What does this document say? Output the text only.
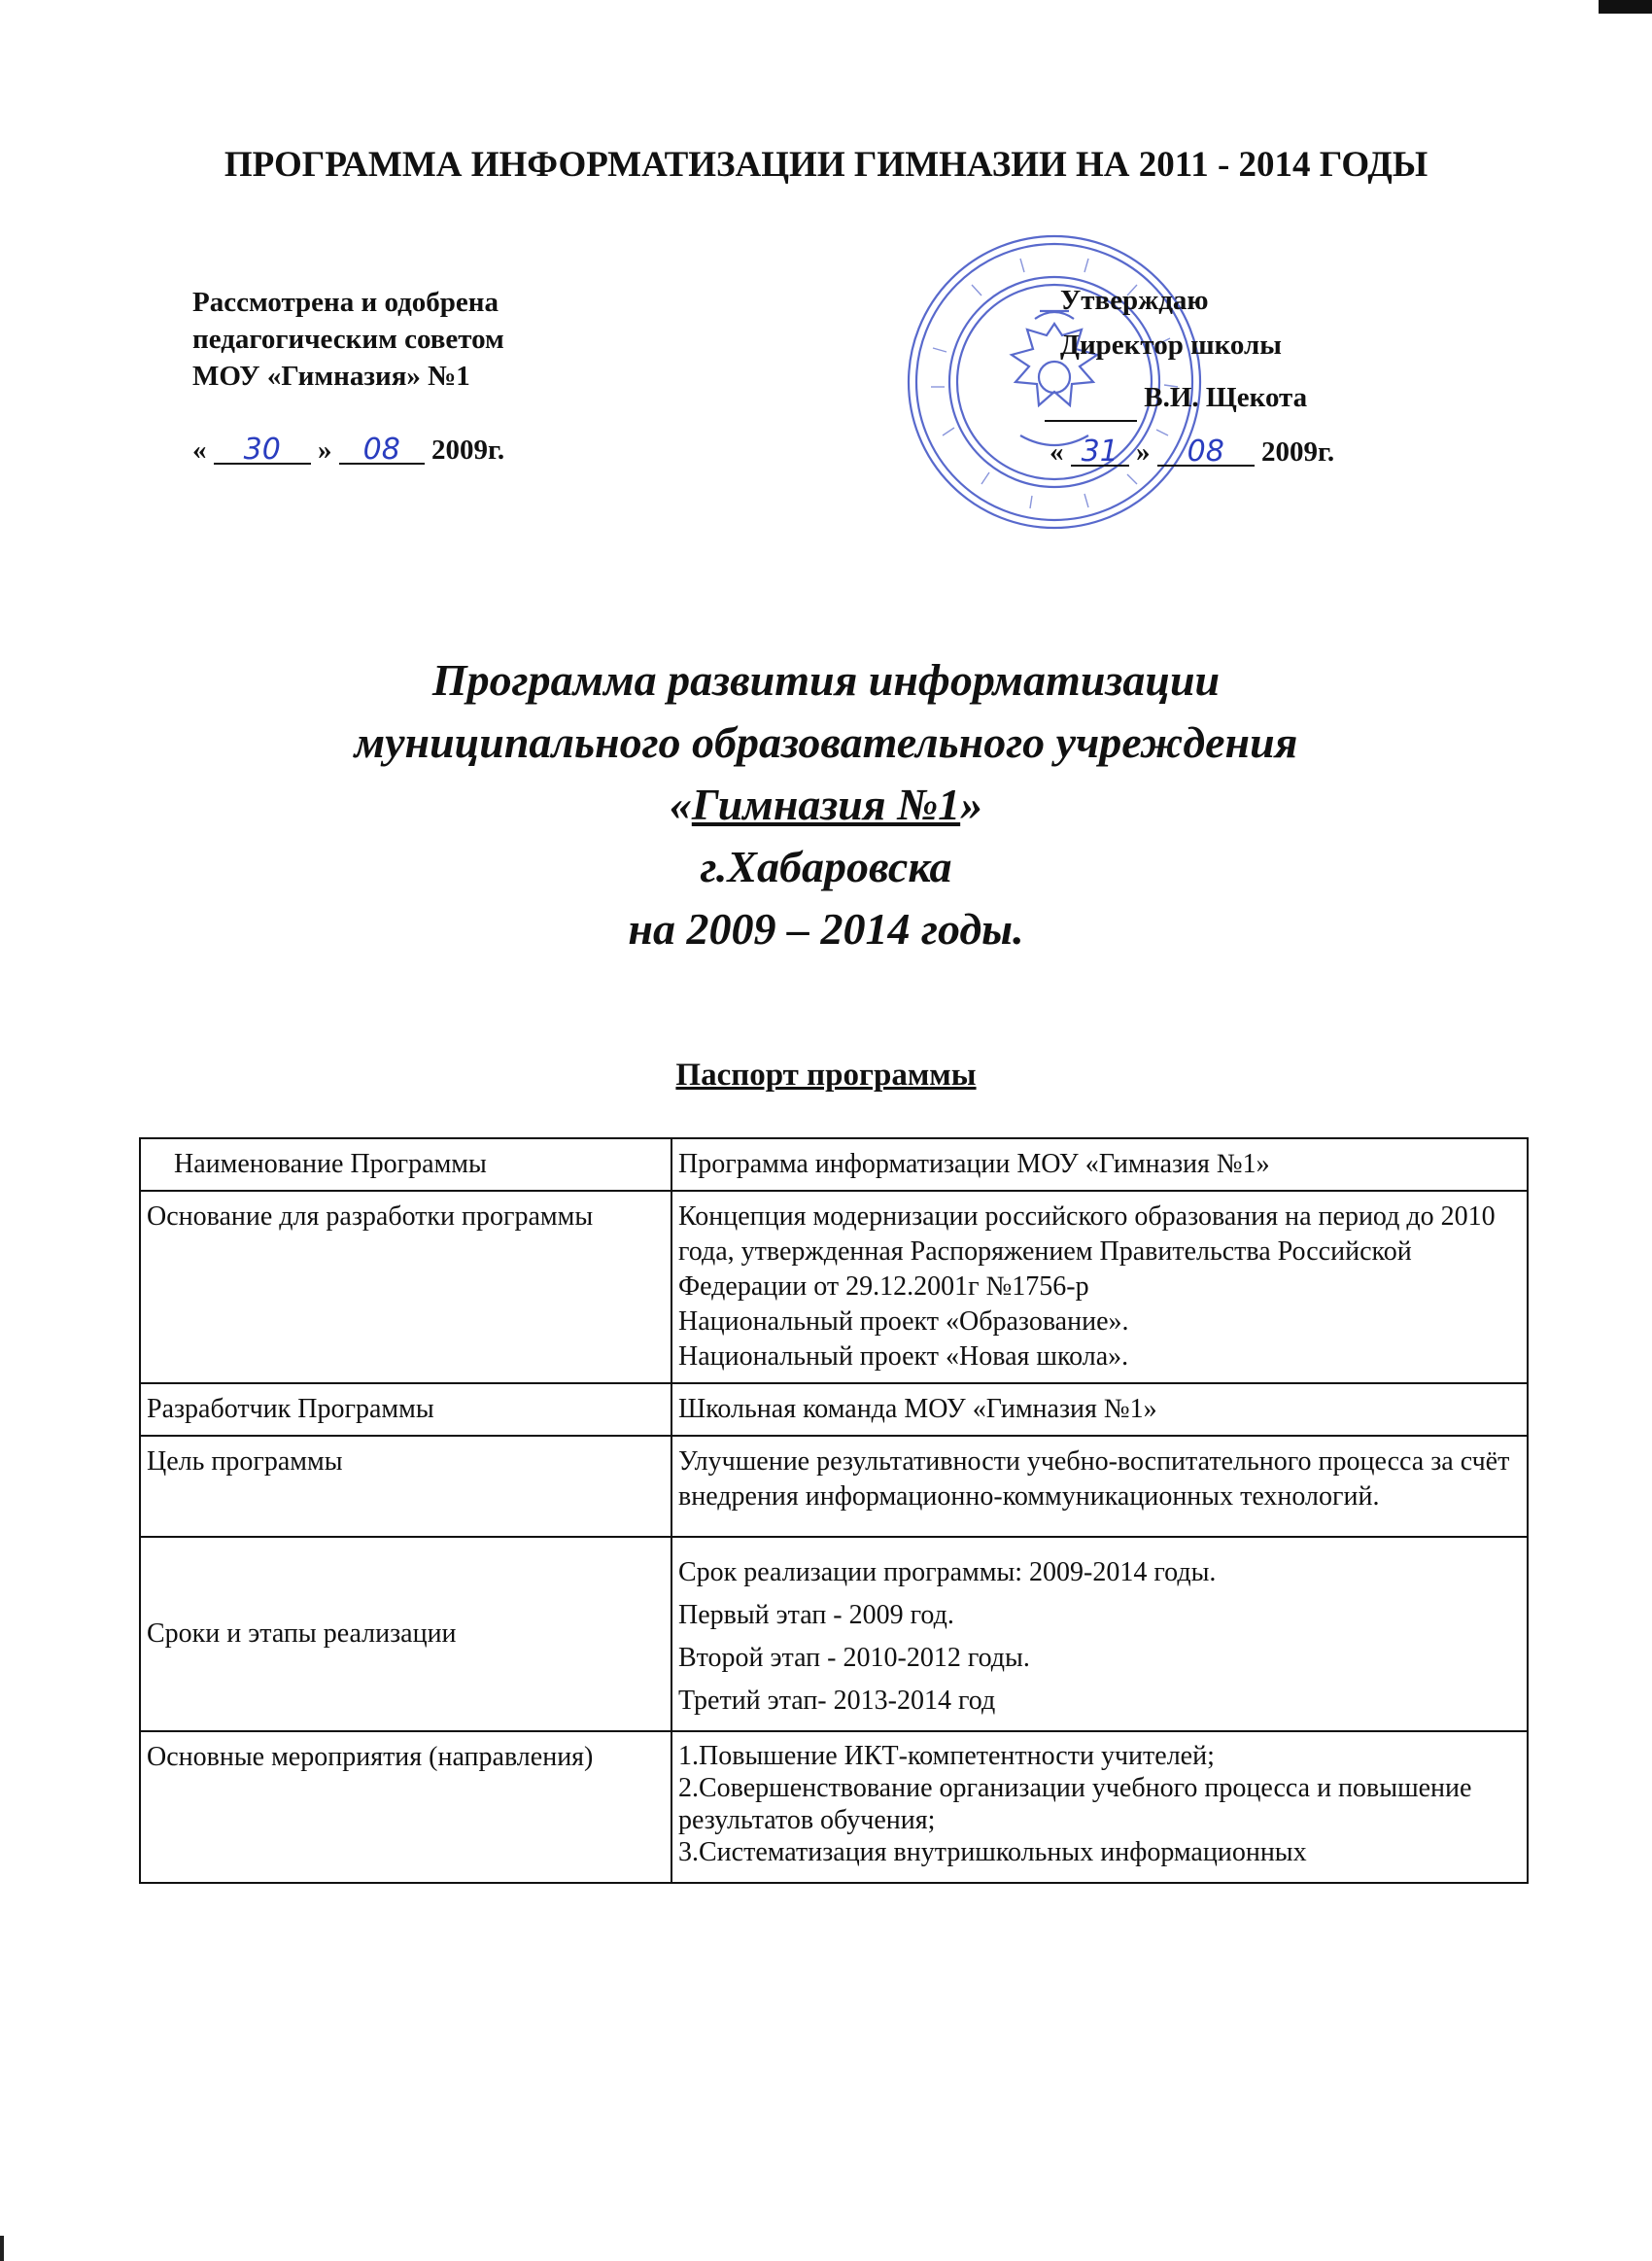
ПРОГРАММА ИНФОРМАТИЗАЦИИ ГИМНАЗИИ НА 2011 - 2014 ГОДЫ
Рассмотрена и одобрена
педагогическим советом
МОУ «Гимназия» №1
« 30 » 08 2009г.
Утверждаю
Директор школы
В.И. Щекота
« 31 » 08 2009г.
Программа развития информатизации
муниципального образовательного учреждения
«Гимназия №1»
г.Хабаровска
на 2009 – 2014 годы.
Паспорт программы
Наименование Программы	Программа информатизации МОУ «Гимназия №1»

Основание для разработки программы	Концепция модернизации российского образования на период до 2010 года, утвержденная Распоряжением Правительства Российской Федерации от 29.12.2001г №1756-р
Национальный проект «Образование».
Национальный проект «Новая школа».

Разработчик Программы	Школьная команда МОУ «Гимназия №1»

Цель программы	Улучшение результативности учебно-воспитательного процесса за счёт внедрения информационно-коммуникационных технологий.

Сроки и этапы реализации	Срок реализации программы: 2009-2014 годы.
Первый этап - 2009 год.
Второй этап - 2010-2012 годы.
Третий этап- 2013-2014 год

Основные мероприятия (направления)	1.Повышение ИКТ-компетентности учителей;
2.Совершенствование организации учебного процесса и повышение результатов обучения;
3.Систематизация внутришкольных информационных
